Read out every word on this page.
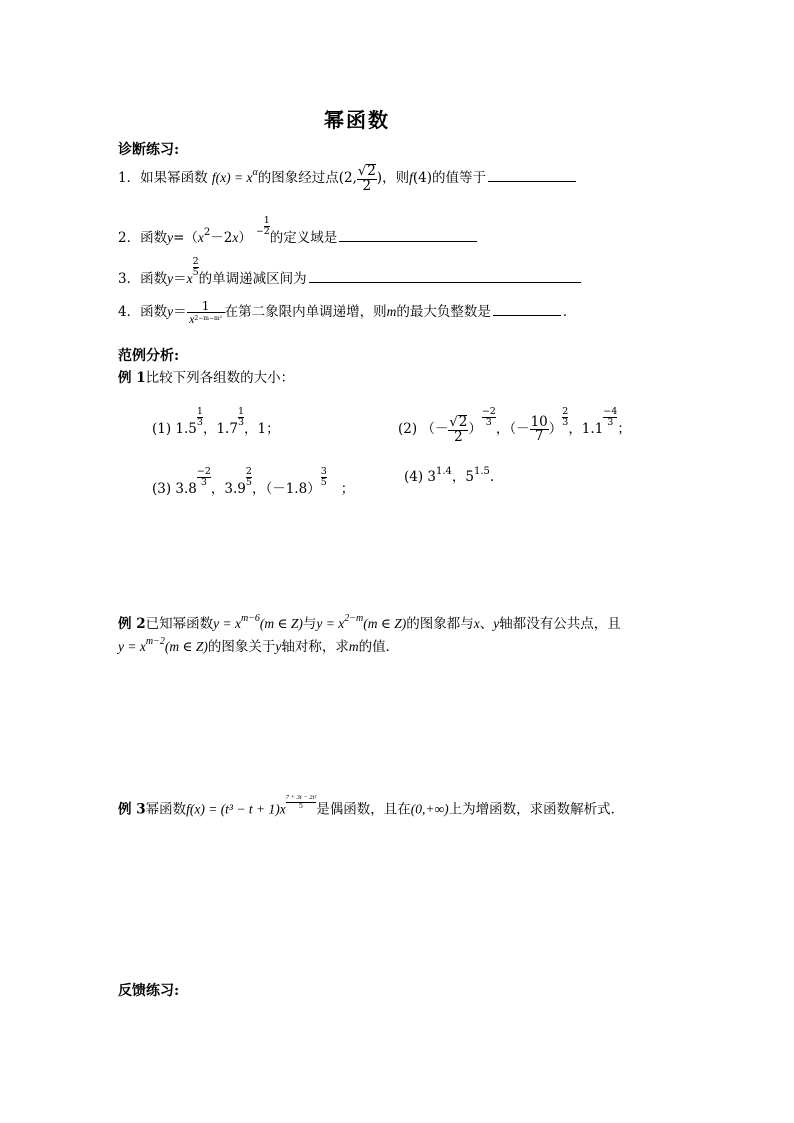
幂函数
诊断练习:
1．如果幂函数 f(x) = xα的图象经过点(2, $\frac{√2}{2}$ )，则f(4)的值等于
2．函数y=（x2－2x） $^- \frac{1}{2}$
的定义域是
3．函数y＝x
$\frac{2}{5}$
的单调递减区间为
4．函数$y= \frac{1}{x^{2-m-m^2}}$ 在第二象限内单调递增，则m的最大负整数是	．
范例分析:
例 1比较下列各组数的大小：
(1) 1.5
$\frac{1}{3}$
，1.7
$\frac{1}{3}$
，1；	(2) （－ $\frac{√2}{2}$ ）
$\frac{-2}{3}$
，（－ $\frac{10}{7}$ ）
$\frac{2}{3}$
，1.1
$\frac{-4}{3}$
；
(3) 3.8
$\frac{-2}{3}$
，3.9
$\frac{2}{5}$
，（－1.8）
$\frac{3}{5}$
；
(4) 31.4，51.5.
例 2已知幂函数y = xm−6(m ∈ Z)与y = x2−m(m ∈ Z)的图象都与x、y轴都没有公共点，且
y = xm−2(m ∈ Z)的图象关于y轴对称，求m的值．
例 3幂函数$f(x) = (t^3 - t + 1)x \frac{\text{7 + 3t − 2t²}}{5}$ 是偶函数，且在(0,+∞)上为增函数，求函数解析式．
反馈练习:
